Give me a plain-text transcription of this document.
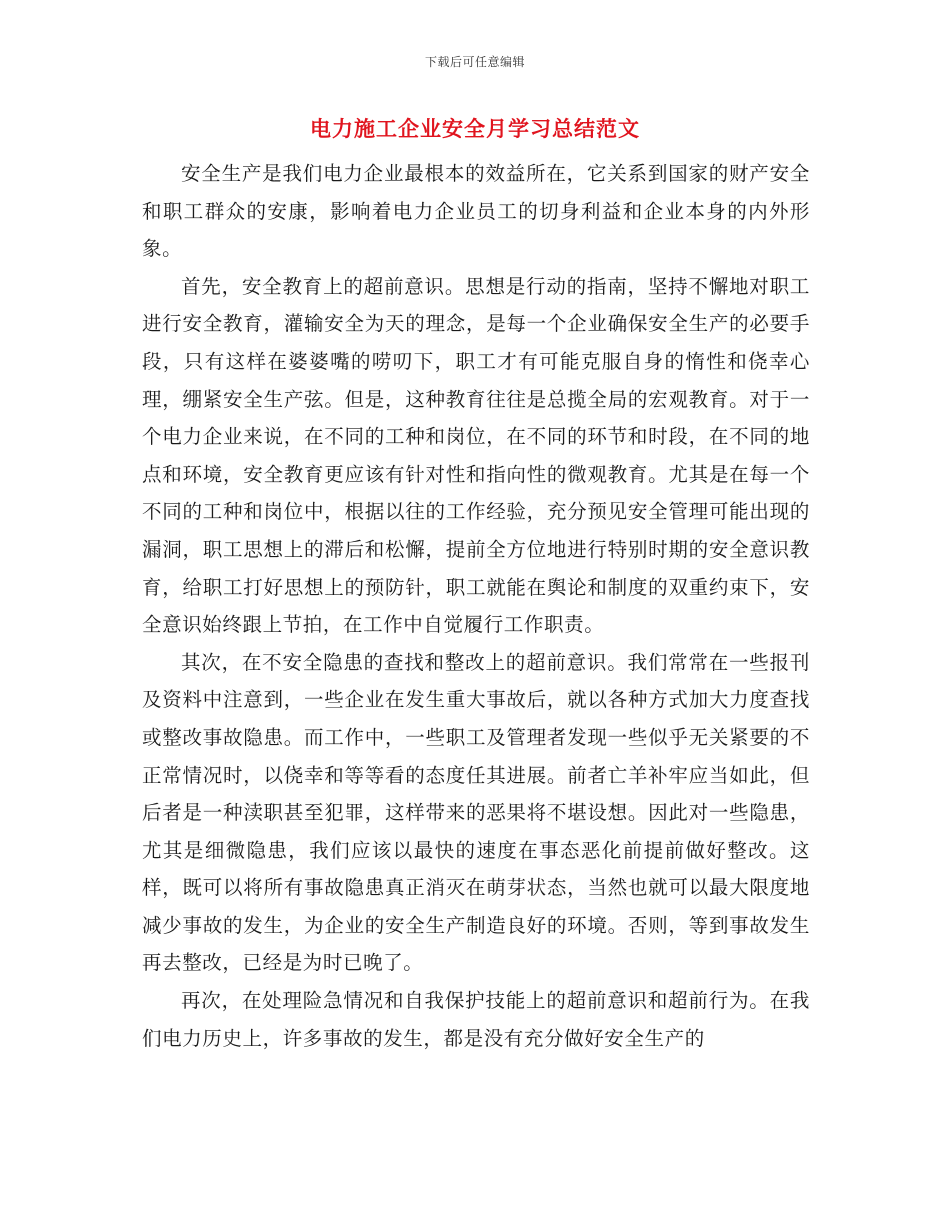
下载后可任意编辑
电力施工企业安全月学习总结范文

安全生产是我们电力企业最根本的效益所在，它关系到国家的财产安全和职工群众的安康，影响着电力企业员工的切身利益和企业本身的内外形象。

首先，安全教育上的超前意识。思想是行动的指南，坚持不懈地对职工进行安全教育，灌输安全为天的理念，是每一个企业确保安全生产的必要手段，只有这样在婆婆嘴的唠叨下，职工才有可能克服自身的惰性和侥幸心理，绷紧安全生产弦。但是，这种教育往往是总揽全局的宏观教育。对于一个电力企业来说，在不同的工种和岗位，在不同的环节和时段，在不同的地点和环境，安全教育更应该有针对性和指向性的微观教育。尤其是在每一个不同的工种和岗位中，根据以往的工作经验，充分预见安全管理可能出现的漏洞，职工思想上的滞后和松懈，提前全方位地进行特别时期的安全意识教育，给职工打好思想上的预防针，职工就能在舆论和制度的双重约束下，安全意识始终跟上节拍，在工作中自觉履行工作职责。

其次，在不安全隐患的查找和整改上的超前意识。我们常常在一些报刊及资料中注意到，一些企业在发生重大事故后，就以各种方式加大力度查找或整改事故隐患。而工作中，一些职工及管理者发现一些似乎无关紧要的不正常情况时，以侥幸和等等看的态度任其进展。前者亡羊补牢应当如此，但后者是一种渎职甚至犯罪，这样带来的恶果将不堪设想。因此对一些隐患，尤其是细微隐患，我们应该以最快的速度在事态恶化前提前做好整改。这样，既可以将所有事故隐患真正消灭在萌芽状态，当然也就可以最大限度地减少事故的发生，为企业的安全生产制造良好的环境。否则，等到事故发生再去整改，已经是为时已晚了。

再次，在处理险急情况和自我保护技能上的超前意识和超前行为。在我们电力历史上，许多事故的发生，都是没有充分做好安全生产的
